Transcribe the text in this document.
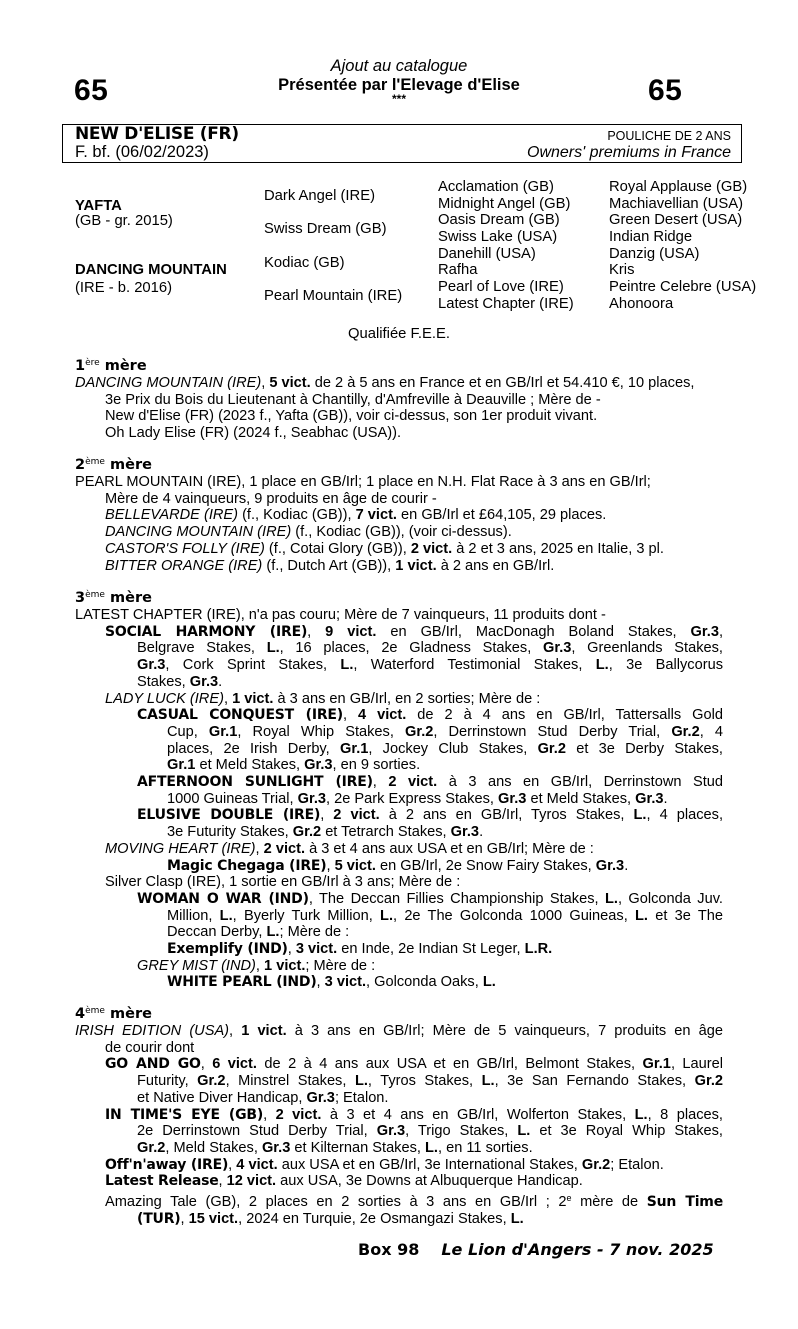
65
Ajout au catalogue
Présentée par l'Elevage d'Elise
***	65
NEW D'ELISE (FR)
F. bf. (06/02/2023)
POULICHE DE 2 ANS
Owners' premiums in France
YAFTA
(GB - gr. 2015)
DANCING MOUNTAIN
(IRE - b. 2016)
Dark Angel (IRE)
Swiss Dream (GB)
Kodiac (GB)
Pearl Mountain (IRE)
Acclamation (GB)
Midnight Angel (GB)
Oasis Dream (GB)
Swiss Lake (USA)
Danehill (USA)
Rafha
Pearl of Love (IRE)
Latest Chapter (IRE)
Royal Applause (GB)
Machiavellian (USA)
Green Desert (USA)
Indian Ridge
Danzig (USA)
Kris
Peintre Celebre (USA)
Ahonoora
Qualifiée F.E.E.
1ère mère
DANCING MOUNTAIN (IRE), 5 vict. de 2 à 5 ans en France et en GB/Irl et 54.410 €, 10 places,
3e Prix du Bois du Lieutenant à Chantilly, d'Amfreville à Deauville ; Mère de -
New d'Elise (FR) (2023 f., Yafta (GB)), voir ci-dessus, son 1er produit vivant.
Oh Lady Elise (FR) (2024 f., Seabhac (USA)).
2ème mère
PEARL MOUNTAIN (IRE), 1 place en GB/Irl; 1 place en N.H. Flat Race à 3 ans en GB/Irl;
Mère de 4 vainqueurs, 9 produits en âge de courir -
BELLEVARDE (IRE) (f., Kodiac (GB)), 7 vict. en GB/Irl et £64,105, 29 places.
DANCING MOUNTAIN (IRE) (f., Kodiac (GB)), (voir ci-dessus).
CASTOR'S FOLLY (IRE) (f., Cotai Glory (GB)), 2 vict. à 2 et 3 ans, 2025 en Italie, 3 pl.
BITTER ORANGE (IRE) (f., Dutch Art (GB)), 1 vict. à 2 ans en GB/Irl.
3ème mère
LATEST CHAPTER (IRE), n'a pas couru; Mère de 7 vainqueurs, 11 produits dont -
SOCIAL HARMONY (IRE), 9 vict. en GB/Irl, MacDonagh Boland Stakes, Gr.3,
Belgrave Stakes, L., 16 places, 2e Gladness Stakes, Gr.3, Greenlands Stakes,
Gr.3, Cork Sprint Stakes, L., Waterford Testimonial Stakes, L., 3e Ballycorus
Stakes, Gr.3.
LADY LUCK (IRE), 1 vict. à 3 ans en GB/Irl, en 2 sorties; Mère de :
CASUAL CONQUEST (IRE), 4 vict. de 2 à 4 ans en GB/Irl, Tattersalls Gold
Cup, Gr.1, Royal Whip Stakes, Gr.2, Derrinstown Stud Derby Trial, Gr.2, 4
places, 2e Irish Derby, Gr.1, Jockey Club Stakes, Gr.2 et 3e Derby Stakes,
Gr.1 et Meld Stakes, Gr.3, en 9 sorties.
AFTERNOON SUNLIGHT (IRE), 2 vict. à 3 ans en GB/Irl, Derrinstown Stud
1000 Guineas Trial, Gr.3, 2e Park Express Stakes, Gr.3 et Meld Stakes, Gr.3.
ELUSIVE DOUBLE (IRE), 2 vict. à 2 ans en GB/Irl, Tyros Stakes, L., 4 places,
3e Futurity Stakes, Gr.2 et Tetrarch Stakes, Gr.3.
MOVING HEART (IRE), 2 vict. à 3 et 4 ans aux USA et en GB/Irl; Mère de :
Magic Chegaga (IRE), 5 vict. en GB/Irl, 2e Snow Fairy Stakes, Gr.3.
Silver Clasp (IRE), 1 sortie en GB/Irl à 3 ans; Mère de :
WOMAN O WAR (IND), The Deccan Fillies Championship Stakes, L., Golconda Juv.
Million, L., Byerly Turk Million, L., 2e The Golconda 1000 Guineas, L. et 3e The
Deccan Derby, L.; Mère de :
Exemplify (IND), 3 vict. en Inde, 2e Indian St Leger, L.R.
GREY MIST (IND), 1 vict.; Mère de :
WHITE PEARL (IND), 3 vict., Golconda Oaks, L.
4ème mère
IRISH EDITION (USA), 1 vict. à 3 ans en GB/Irl; Mère de 5 vainqueurs, 7 produits en âge
de courir dont
GO AND GO, 6 vict. de 2 à 4 ans aux USA et en GB/Irl, Belmont Stakes, Gr.1, Laurel
Futurity, Gr.2, Minstrel Stakes, L., Tyros Stakes, L., 3e San Fernando Stakes, Gr.2
et Native Diver Handicap, Gr.3; Etalon.
IN TIME'S EYE (GB), 2 vict. à 3 et 4 ans en GB/Irl, Wolferton Stakes, L., 8 places,
2e Derrinstown Stud Derby Trial, Gr.3, Trigo Stakes, L. et 3e Royal Whip Stakes,
Gr.2, Meld Stakes, Gr.3 et Kilternan Stakes, L., en 11 sorties.
Off'n'away (IRE), 4 vict. aux USA et en GB/Irl, 3e International Stakes, Gr.2; Etalon.
Latest Release, 12 vict. aux USA, 3e Downs at Albuquerque Handicap.
Amazing Tale (GB), 2 places en 2 sorties à 3 ans en GB/Irl ; 2e mère de Sun Time
(TUR), 15 vict., 2024 en Turquie, 2e Osmangazi Stakes, L.
Box 98 Le Lion d'Angers - 7 nov. 2025
